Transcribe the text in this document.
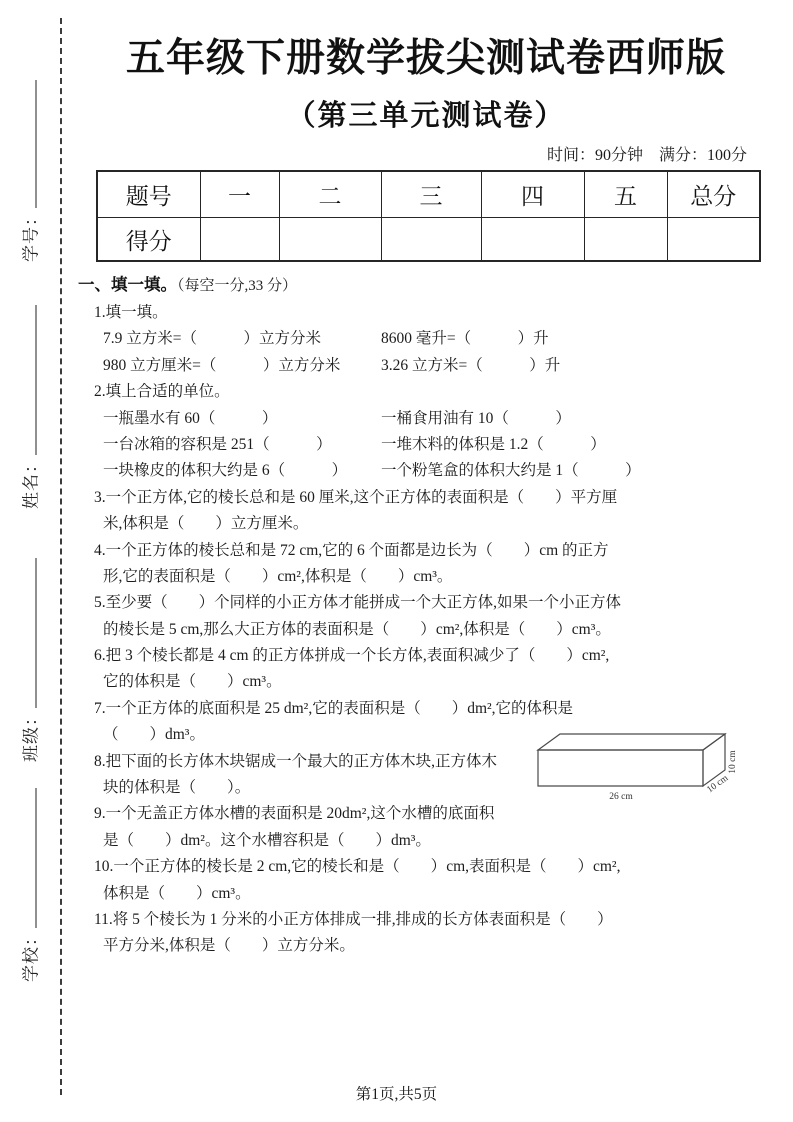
学号：
姓名：
班级：
学校：
五年级下册数学拔尖测试卷西师版
（第三单元测试卷）
时间：90分钟　满分：100分
题号	一	二	三	四	五	总分
得分						
一、填一填。（每空一分,33 分）
1.填一填。
7.9 立方米=（　　　）立方分米	8600 毫升=（　　　）升
980 立方厘米=（　　　）立方分米	3.26 立方米=（　　　）升
2.填上合适的单位。
一瓶墨水有 60（　　　）	一桶食用油有 10（　　　）
一台冰箱的容积是 251（　　　）	一堆木料的体积是 1.2（　　　）
一块橡皮的体积大约是 6（　　　）	一个粉笔盒的体积大约是 1（　　　）
3.一个正方体,它的棱长总和是 60 厘米,这个正方体的表面积是（　　）平方厘
米,体积是（　　）立方厘米。
4.一个正方体的棱长总和是 72 cm,它的 6 个面都是边长为（　　）cm 的正方
形,它的表面积是（　　）cm²,体积是（　　）cm³。
5.至少要（　　）个同样的小正方体才能拼成一个大正方体,如果一个小正方体
的棱长是 5 cm,那么大正方体的表面积是（　　）cm²,体积是（　　）cm³。
6.把 3 个棱长都是 4 cm 的正方体拼成一个长方体,表面积减少了（　　）cm²,
它的体积是（　　）cm³。
7.一个正方体的底面积是 25 dm²,它的表面积是（　　）dm²,它的体积是
（　　）dm³。
8.把下面的长方体木块锯成一个最大的正方体木块,正方体木
块的体积是（　　）。
9.一个无盖正方体水槽的表面积是 20dm²,这个水槽的底面积
是（　　）dm²。这个水槽容积是（　　）dm³。
10.一个正方体的棱长是 2 cm,它的棱长和是（　　）cm,表面积是（　　）cm²,
体积是（　　）cm³。
11.将 5 个棱长为 1 分米的小正方体排成一排,排成的长方体表面积是（　　）
平方分米,体积是（　　）立方分米。
26 cm
10 cm
10 cm
第1页,共5页
